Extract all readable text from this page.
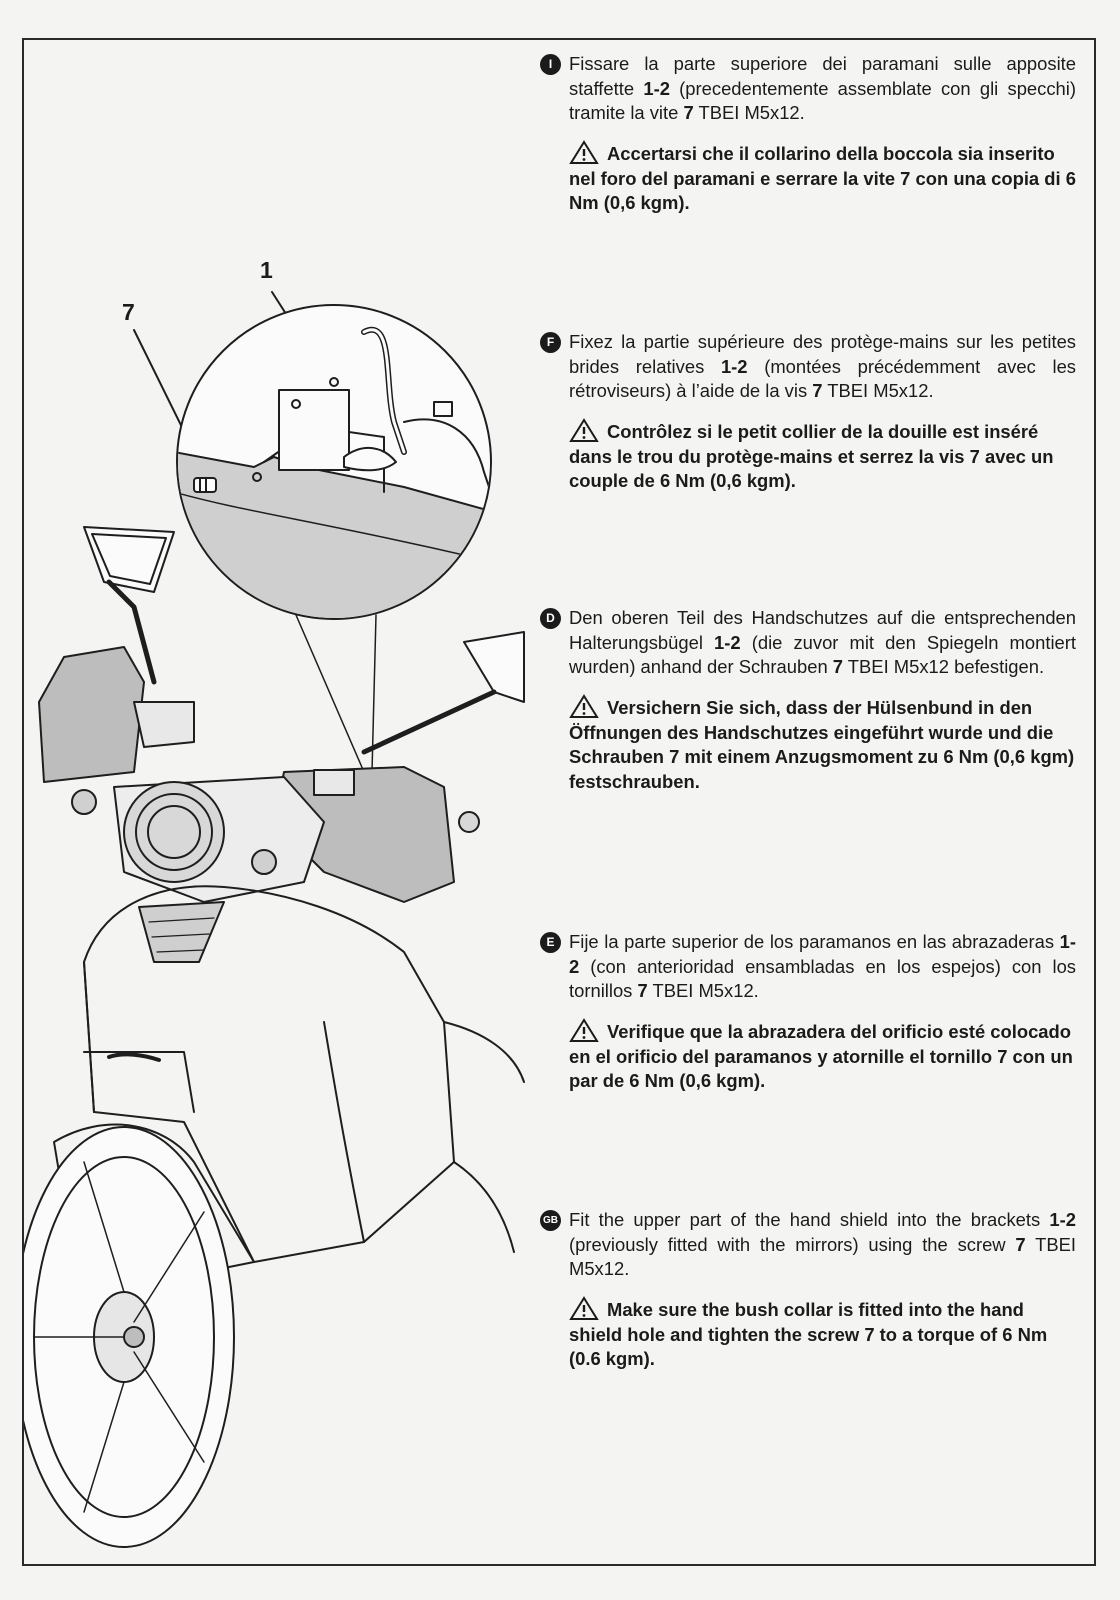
1
7
I Fissare la parte superiore dei paramani sulle apposite staffette 1-2 (precedentemente assemblate con gli specchi) tramite la vite 7 TBEI M5x12.
Accertarsi che il collarino della boccola sia inserito nel foro del paramani e serrare la vite 7 con una copia di 6 Nm (0,6 kgm).
F Fixez la partie supérieure des protège-mains sur les petites brides relatives 1-2 (montées précédemment avec les rétroviseurs) à l’aide de la vis 7 TBEI M5x12.
Contrôlez si le petit collier de la douille est inséré dans le trou du protège-mains et serrez la vis 7 avec un couple de 6 Nm (0,6 kgm).
D Den oberen Teil des Handschutzes auf die entsprechenden Halterungsbügel 1-2 (die zuvor mit den Spiegeln montiert wurden) anhand der Schrauben 7 TBEI M5x12 befestigen.
Versichern Sie sich, dass der Hülsenbund in den Öffnungen des Handschutzes eingeführt wurde und die Schrauben 7 mit einem Anzugsmoment zu 6 Nm (0,6 kgm) festschrauben.
E Fije la parte superior de los paramanos en las abrazaderas 1-2 (con anterioridad ensambladas en los espejos) con los tornillos 7 TBEI M5x12.
Verifique que la abrazadera del orificio esté colocado en el orificio del paramanos y atornille el tornillo 7 con un par de 6 Nm (0,6 kgm).
GB Fit the upper part of the hand shield into the brackets 1-2 (previously fitted with the mirrors) using the screw 7 TBEI M5x12.
Make sure the bush collar is fitted into the hand shield hole and tighten the screw 7 to a torque of 6 Nm (0.6 kgm).
